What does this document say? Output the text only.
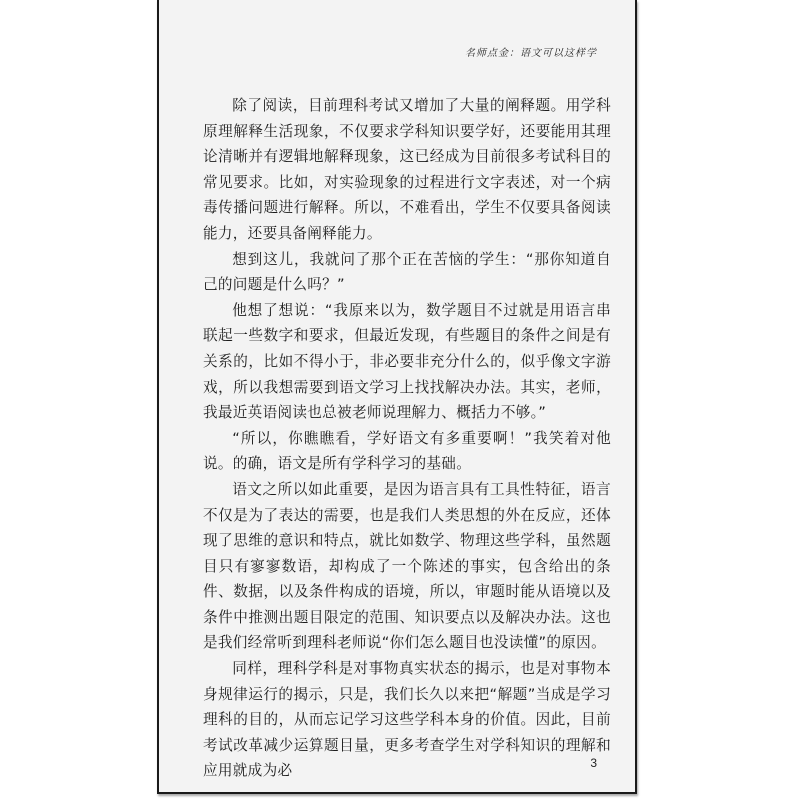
名师点金：语文可以这样学

除了阅读，目前理科考试又增加了大量的阐释题。用学科原理解释生活现象，不仅要求学科知识要学好，还要能用其理论清晰并有逻辑地解释现象，这已经成为目前很多考试科目的常见要求。比如，对实验现象的过程进行文字表述，对一个病毒传播问题进行解释。所以，不难看出，学生不仅要具备阅读能力，还要具备阐释能力。

想到这儿，我就问了那个正在苦恼的学生：“那你知道自己的问题是什么吗？”

他想了想说：“我原来以为，数学题目不过就是用语言串联起一些数字和要求，但最近发现，有些题目的条件之间是有关系的，比如不得小于，非必要非充分什么的，似乎像文字游戏，所以我想需要到语文学习上找找解决办法。其实，老师，我最近英语阅读也总被老师说理解力、概括力不够。”

“所以，你瞧瞧看，学好语文有多重要啊！”我笑着对他说。的确，语文是所有学科学习的基础。

语文之所以如此重要，是因为语言具有工具性特征，语言不仅是为了表达的需要，也是我们人类思想的外在反应，还体现了思维的意识和特点，就比如数学、物理这些学科，虽然题目只有寥寥数语，却构成了一个陈述的事实，包含给出的条件、数据，以及条件构成的语境，所以，审题时能从语境以及条件中推测出题目限定的范围、知识要点以及解决办法。这也是我们经常听到理科老师说“你们怎么题目也没读懂”的原因。

同样，理科学科是对事物真实状态的揭示，也是对事物本身规律运行的揭示，只是，我们长久以来把“解题”当成是学习理科的目的，从而忘记学习这些学科本身的价值。因此，目前考试改革减少运算题目量，更多考查学生对学科知识的理解和应用就成为必	3
